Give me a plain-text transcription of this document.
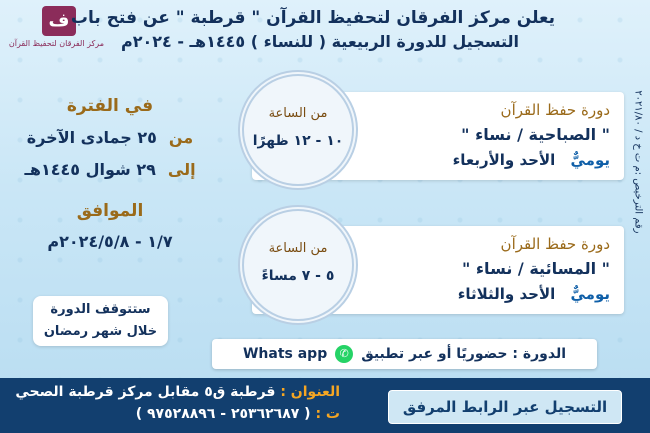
ف
مركز الفرقان لتحفيظ القرآن
يعلن مركز الفرقان لتحفيظ القرآن " قرطبة " عن فتح باب
التسجيل للدورة الربيعية ( للنساء ) ١٤٤٥هـ - ٢٠٢٤م
رقم الترخيص :م ت خ د / ٢٠٢١/٨٠
دورة حفظ القرآن
" الصباحية / نساء "
يوميٌّ الأحد والأربعاء
من الساعة
١٠ - ١٢ ظهرًا
دورة حفظ القرآن
" المسائية / نساء "
يوميٌّ الأحد والثلاثاء
من الساعة
٥ - ٧ مساءً
في الفترة
من٢٥ جمادى الآخرة
إلى٢٩ شوال ١٤٤٥هـ
الموافق
١/٧ - ٢٠٢٤/٥/٨م
ستتوقف الدورة
خلال شهر رمضان
الدورة : حضوريًا أو عبر تطبيق
✆
Whats app
العنوان : قرطبة ق٥ مقابل مركز قرطبة الصحي
ت : ( ٢٥٣٦٢٦٨٧ - ٩٧٥٢٨٨٩٦ )	التسجيل عبر الرابط المرفق
